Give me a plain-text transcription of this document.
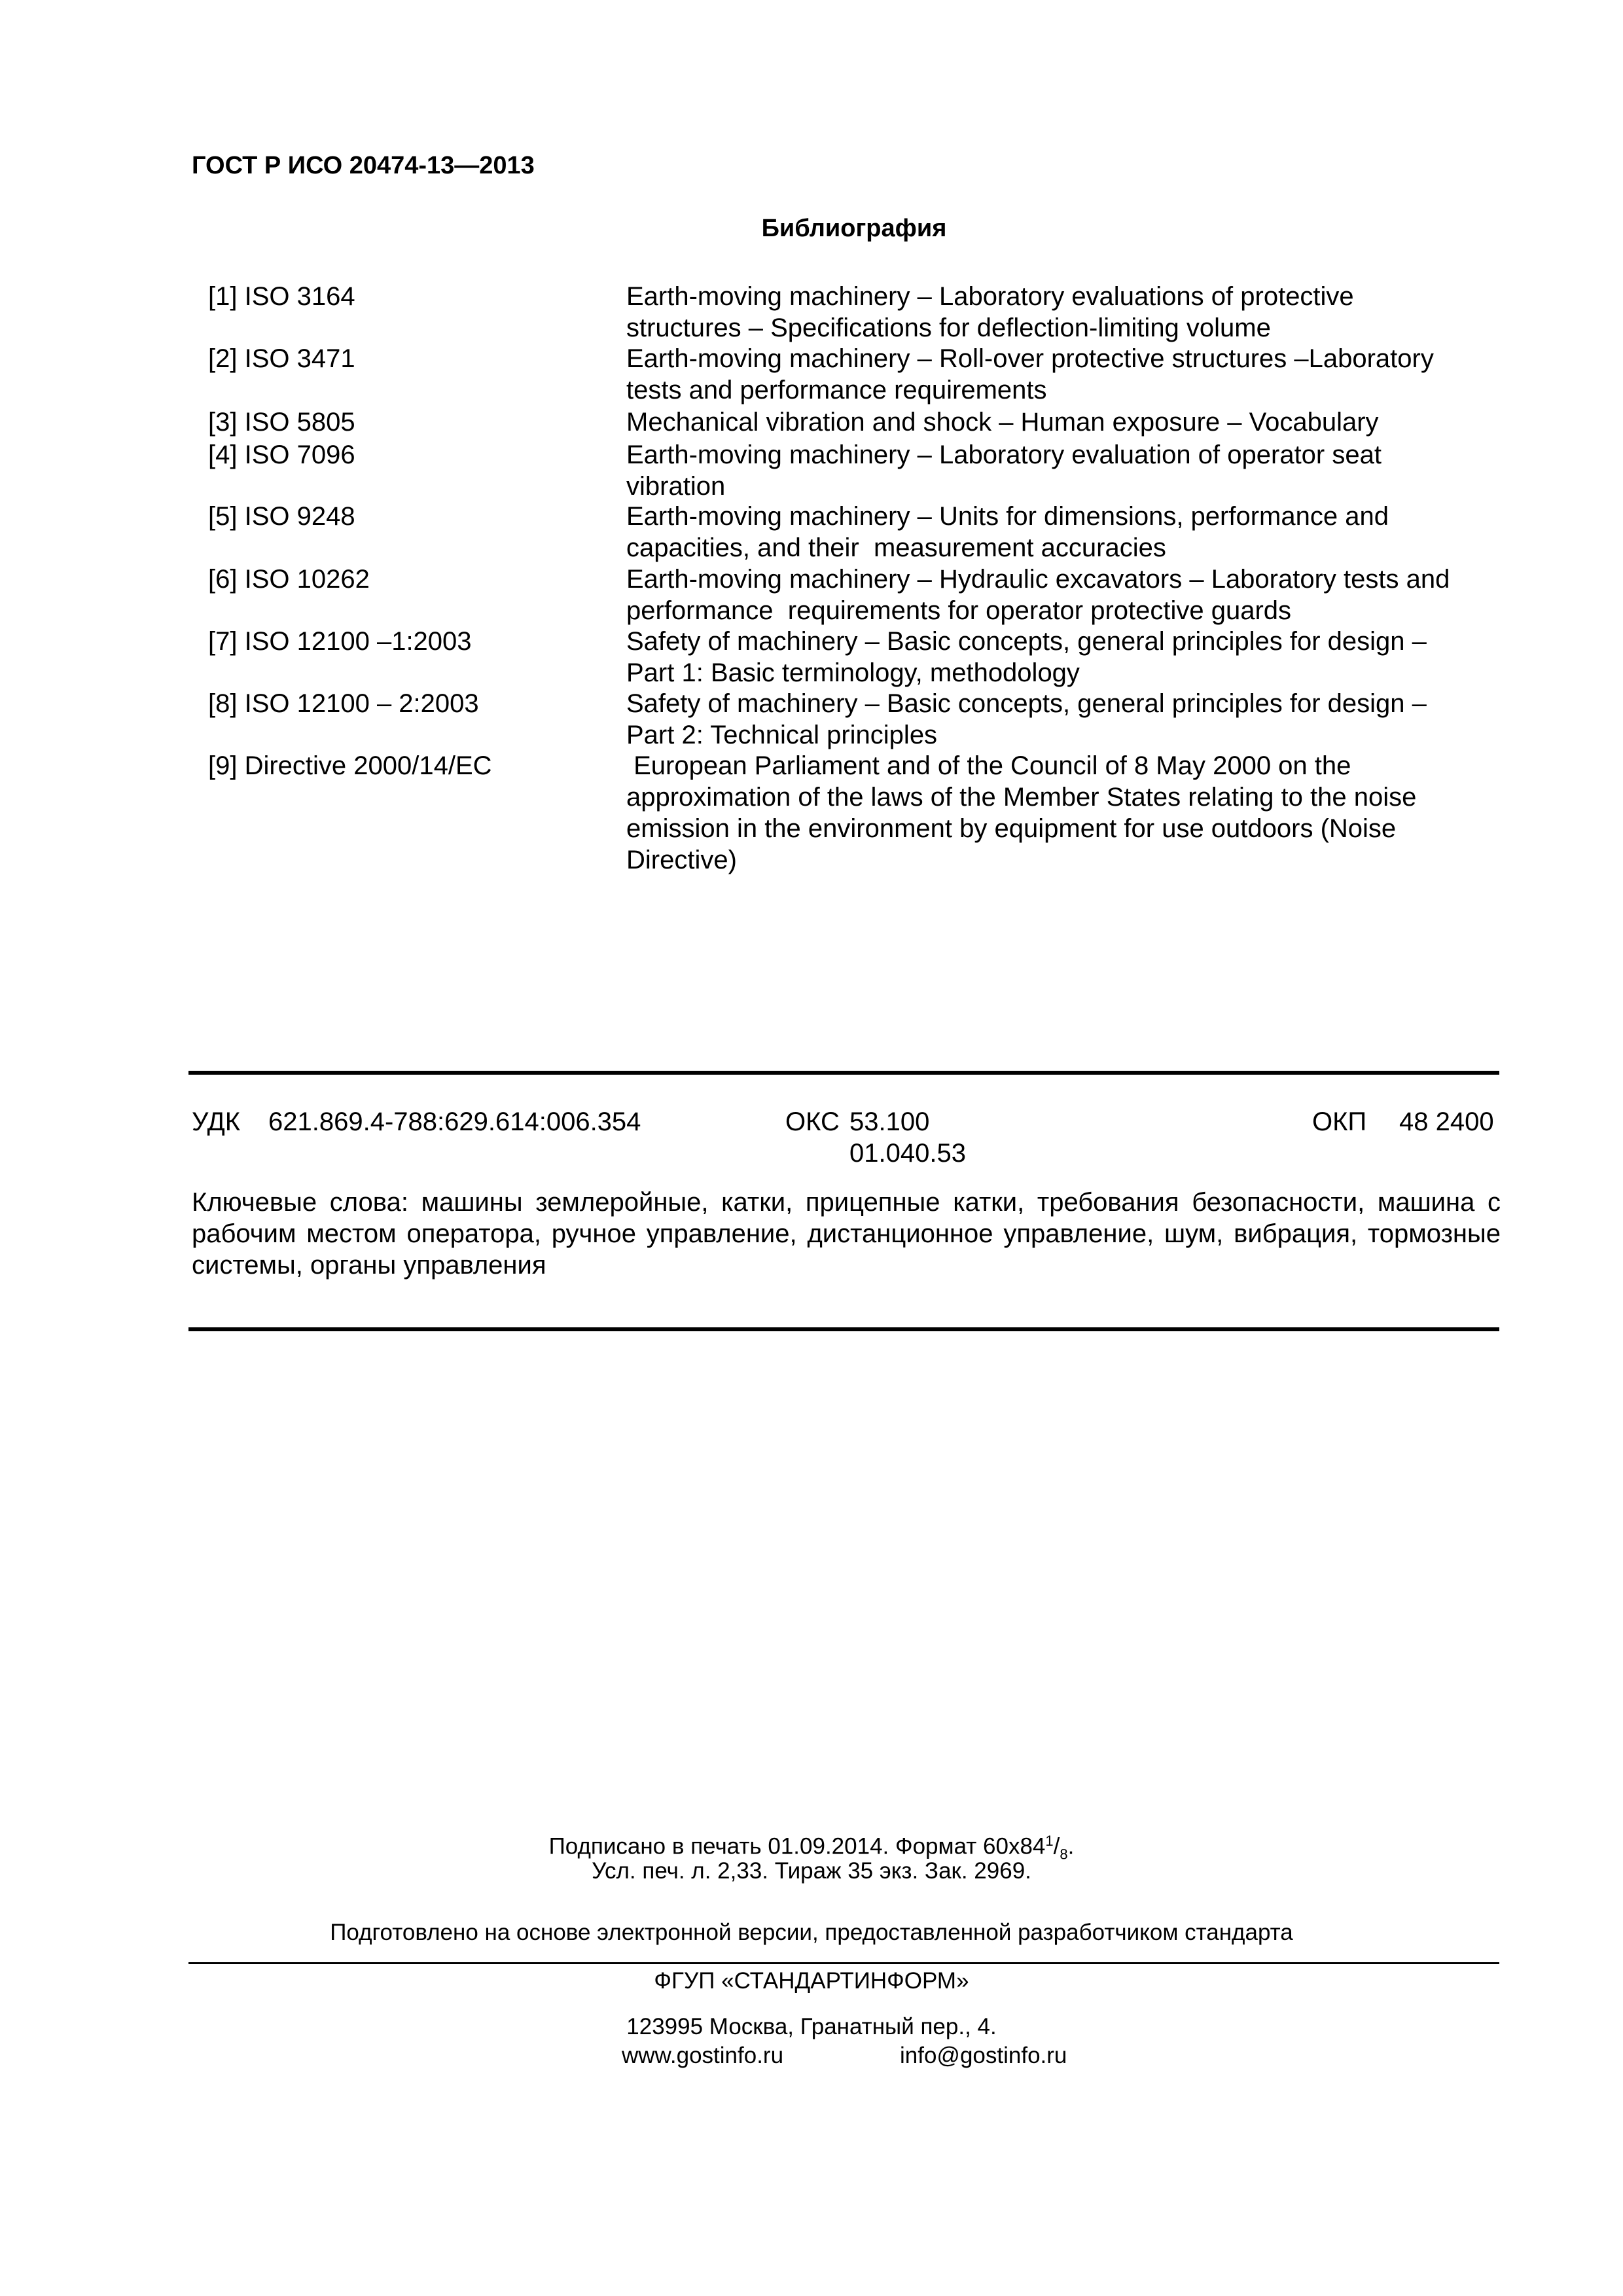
ГОСТ Р ИСО 20474-13—2013
Библиография
[1] ISO 3164	Earth-moving machinery – Laboratory evaluations of protective
structures – Specifications for deflection-limiting volume
[2] ISO 3471	Earth-moving machinery – Roll-over protective structures –Laboratory
tests and performance requirements
[3] ISO 5805	Mechanical vibration and shock – Human exposure – Vocabulary
[4] ISO 7096	Earth-moving machinery – Laboratory evaluation of operator seat
vibration
[5] ISO 9248	Earth-moving machinery – Units for dimensions, performance and
capacities, and their  measurement accuracies
[6] ISO 10262	Earth-moving machinery – Hydraulic excavators – Laboratory tests and
performance  requirements for operator protective guards
[7] ISO 12100 –1:2003	Safety of machinery – Basic concepts, general principles for design –
Part 1: Basic terminology, methodology
[8] ISO 12100 – 2:2003	Safety of machinery – Basic concepts, general principles for design –
Part 2: Technical principles
[9] Directive 2000/14/EC	European Parliament and of the Council of 8 May 2000 on the
approximation of the laws of the Member States relating to the noise
emission in the environment by equipment for use outdoors (Noise
Directive)
УДК 621.869.4-788:629.614:006.354	ОКС 53.100
01.040.53
ОКП 48 2400
Ключевые слова: машины землеройные, катки, прицепные катки, требования безопасности, машина с рабочим местом оператора, ручное управление, дистанционное управление, шум, вибрация, тормозные системы, органы управления
Подписано в печать 01.09.2014. Формат $60x84^1/_8$.
Усл. печ. л. 2,33. Тираж 35 экз. Зак. 2969.
Подготовлено на основе электронной версии, предоставленной разработчиком стандарта
ФГУП «СТАНДАРТИНФОРМ»
123995 Москва, Гранатный пер., 4.
www.gostinfo.ru	info@gostinfo.ru
